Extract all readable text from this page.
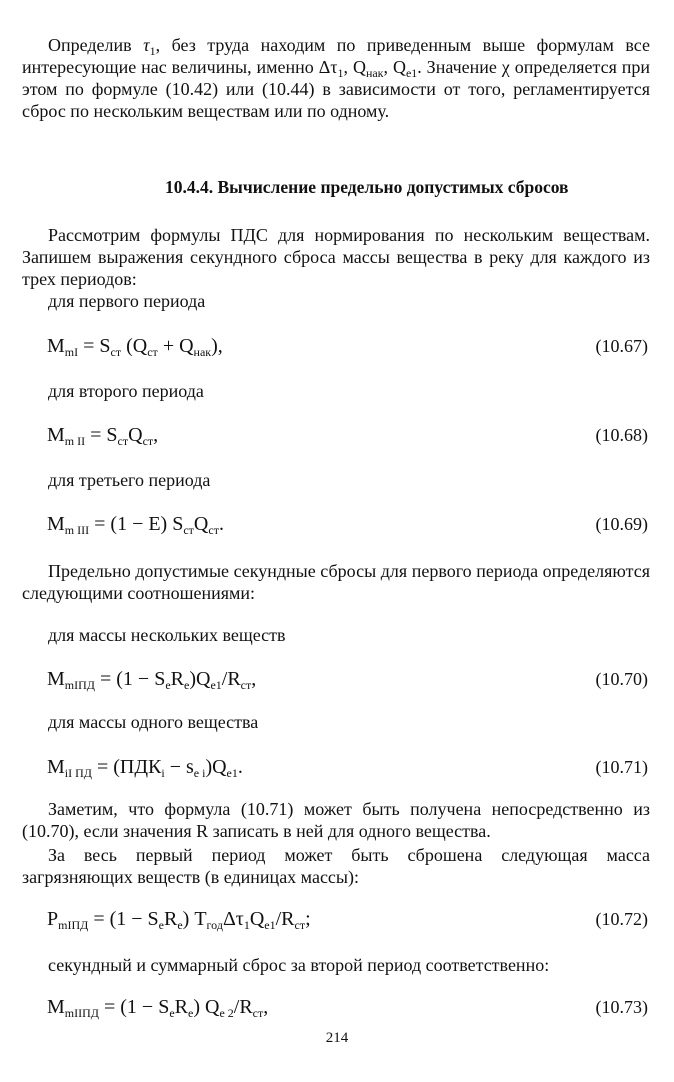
Определив $\tau_1$, без труда находим по приведенным выше формулам все интересующие нас величины, именно $\Delta\tau_1$, $Q_{нак}$, $Q_{e1}$. Значение χ определяется при этом по формуле (10.42) или (10.44) в зависимости от того, регламентируется сброс по нескольким веществам или по одному.
10.4.4. Вычисление предельно допустимых сбросов
Рассмотрим формулы ПДС для нормирования по нескольким веществам. Запишем выражения секундного сброса массы вещества в реку для каждого из трех периодов:
для первого периода
$M_{mI} = S_{ст}$ $(Q_{ст} + Q_{нак})$,	(10.67)
для второго периода
$M_{m II} = S_{ст}Q_{ст}$,	(10.68)
для третьего периода
$M_{m III} = (1 - E)$ $S_{ст}Q_{ст}$.	(10.69)
Предельно допустимые секундные сбросы для первого периода определяются следующими соотношениями:
для массы нескольких веществ
$M_{mIПД} = (1 - S_eR_e)Q_{e1}/R_{ст}$,	(10.70)
для массы одного вещества
$M_{iI ПД} = (ПДК_i - s_{e i})Q_{e1}$.	(10.71)
Заметим, что формула (10.71) может быть получена непосредственно из (10.70), если значения R записать в ней для одного вещества.
За весь первый период может быть сброшена следующая масса загрязняющих веществ (в единицах массы):
$P_{mIПД} = (1 - S_eR_e)$ $T_{год}\Delta\tau_1Q_{e1}/R_{ст}$;	(10.72)
секундный и суммарный сброс за второй период соответственно:
$M_{mIIПД} = (1 - S_eR_e)$ $Q_{e 2}/R_{ст}$,	(10.73)
214
